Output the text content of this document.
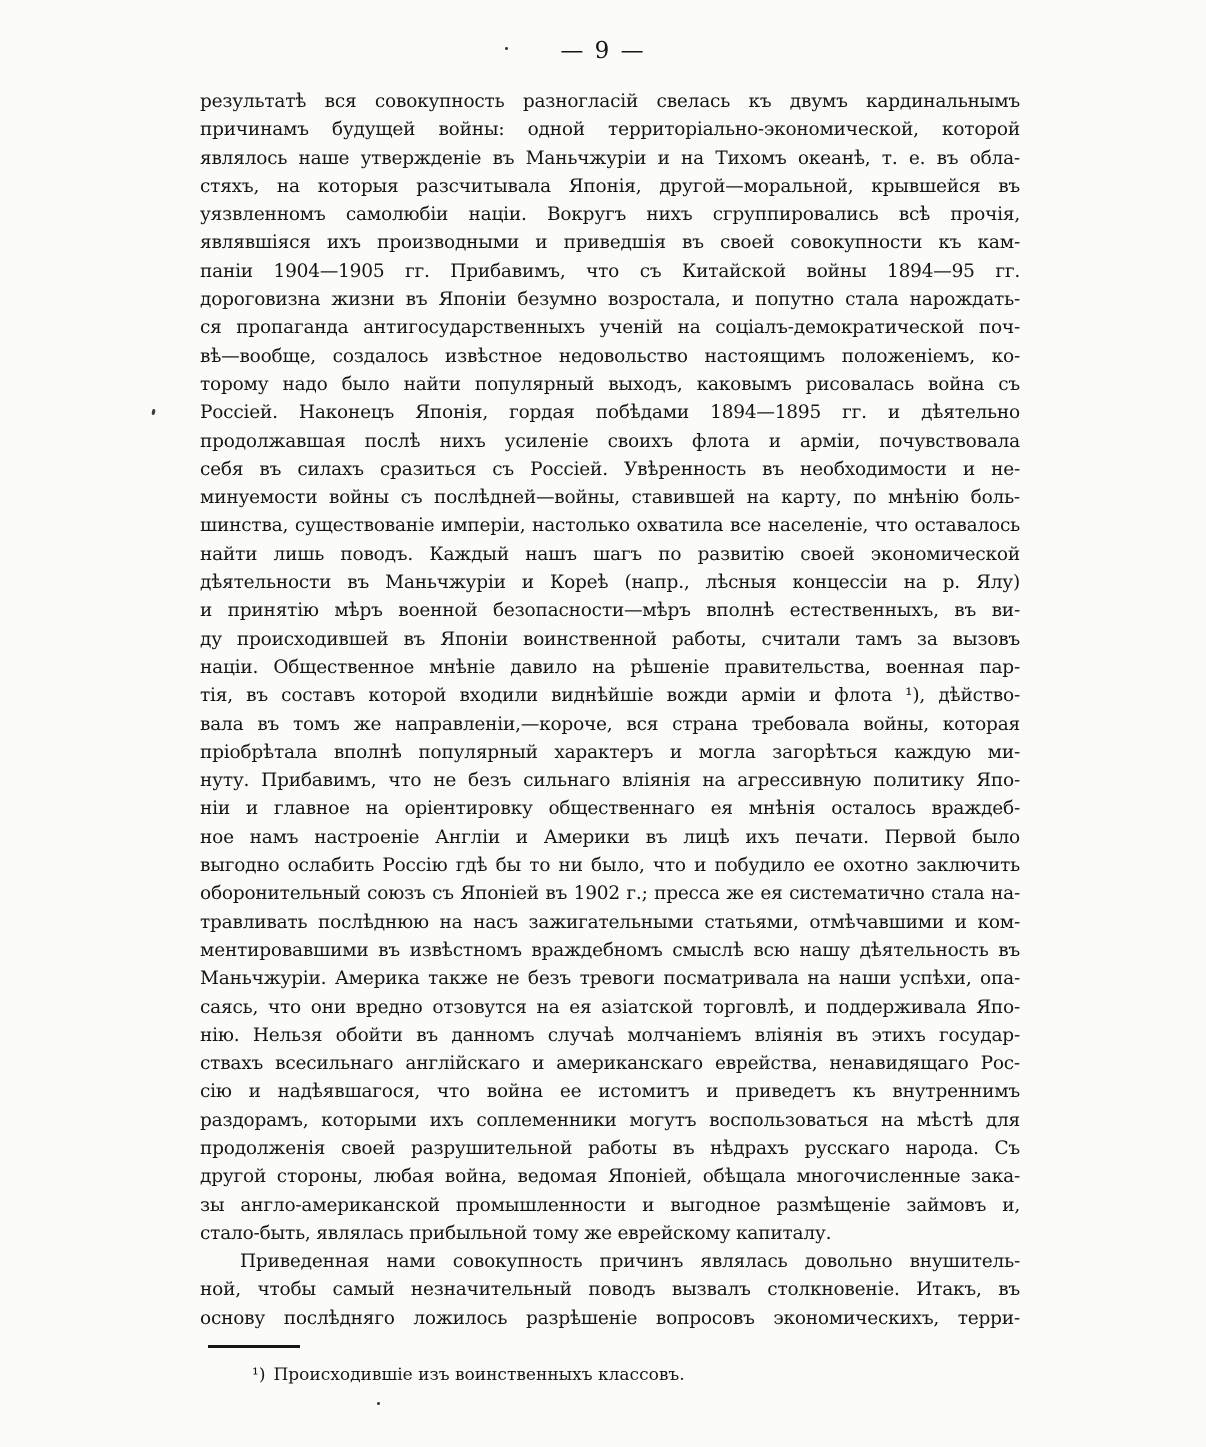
— 9 —
результатѣ вся совокупность разногласій свелась къ двумъ кардинальнымъ
причинамъ будущей войны: одной территоріально-экономической, которой
являлось наше утвержденіе въ Маньчжуріи и на Тихомъ океанѣ, т. е. въ обла-
стяхъ, на которыя разсчитывала Японія, другой—моральной, крывшейся въ
уязвленномъ самолюбіи націи. Вокругъ нихъ сгруппировались всѣ прочія,
являвшіяся ихъ производными и приведшія въ своей совокупности къ кам-
паніи 1904—1905 гг. Прибавимъ, что съ Китайской войны 1894—95 гг.
дороговизна жизни въ Японіи безумно возростала, и попутно стала нарождать-
ся пропаганда антигосударственныхъ ученій на соціалъ-демократической поч-
вѣ—вообще, создалось извѣстное недовольство настоящимъ положеніемъ, ко-
торому надо было найти популярный выходъ, каковымъ рисовалась война съ
Россіей. Наконецъ Японія, гордая побѣдами 1894—1895 гг. и дѣятельно
продолжавшая послѣ нихъ усиленіе своихъ флота и арміи, почувствовала
себя въ силахъ сразиться съ Россіей. Увѣренность въ необходимости и не-
минуемости войны съ послѣдней—войны, ставившей на карту, по мнѣнію боль-
шинства, существованіе имперіи, настолько охватила все населеніе, что оставалось
найти лишь поводъ. Каждый нашъ шагъ по развитію своей экономической
дѣятельности въ Маньчжуріи и Кореѣ (напр., лѣсныя концессіи на р. Ялу)
и принятію мѣръ военной безопасности—мѣръ вполнѣ естественныхъ, въ ви-
ду происходившей въ Японіи воинственной работы, считали тамъ за вызовъ
націи. Общественное мнѣніе давило на рѣшеніе правительства, военная пар-
тія, въ составъ которой входили виднѣйшіе вожди арміи и флота ¹), дѣйство-
вала въ томъ же направленіи,—короче, вся страна требовала войны, которая
пріобрѣтала вполнѣ популярный характеръ и могла загорѣться каждую ми-
нуту. Прибавимъ, что не безъ сильнаго вліянія на агрессивную политику Япо-
ніи и главное на оріентировку общественнаго ея мнѣнія осталось враждеб-
ное намъ настроеніе Англіи и Америки въ лицѣ ихъ печати. Первой было
выгодно ослабить Россію гдѣ бы то ни было, что и побудило ее охотно заключить
оборонительный союзъ съ Японіей въ 1902 г.; пресса же ея систематично стала на-
травливать послѣднюю на насъ зажигательными статьями, отмѣчавшими и ком-
ментировавшими въ извѣстномъ враждебномъ смыслѣ всю нашу дѣятельность въ
Маньчжуріи. Америка также не безъ тревоги посматривала на наши успѣхи, опа-
саясь, что они вредно отзовутся на ея азіатской торговлѣ, и поддерживала Япо-
нію. Нельзя обойти въ данномъ случаѣ молчаніемъ вліянія въ этихъ государ-
ствахъ всесильнаго англійскаго и американскаго еврейства, ненавидящаго Рос-
сію и надѣявшагося, что война ее истомитъ и приведетъ къ внутреннимъ
раздорамъ, которыми ихъ соплеменники могутъ воспользоваться на мѣстѣ для
продолженія своей разрушительной работы въ нѣдрахъ русскаго народа. Съ
другой стороны, любая война, ведомая Японіей, обѣщала многочисленные зака-
зы англо-американской промышленности и выгодное размѣщеніе займовъ и,
стало-быть, являлась прибыльной тому же еврейскому капиталу.
Приведенная нами совокупность причинъ являлась довольно внушитель-
ной, чтобы самый незначительный поводъ вызвалъ столкновеніе. Итакъ, въ
основу послѣдняго ложилось разрѣшеніе вопросовъ экономическихъ, терри-
¹) Происходившіе изъ воинственныхъ классовъ.
